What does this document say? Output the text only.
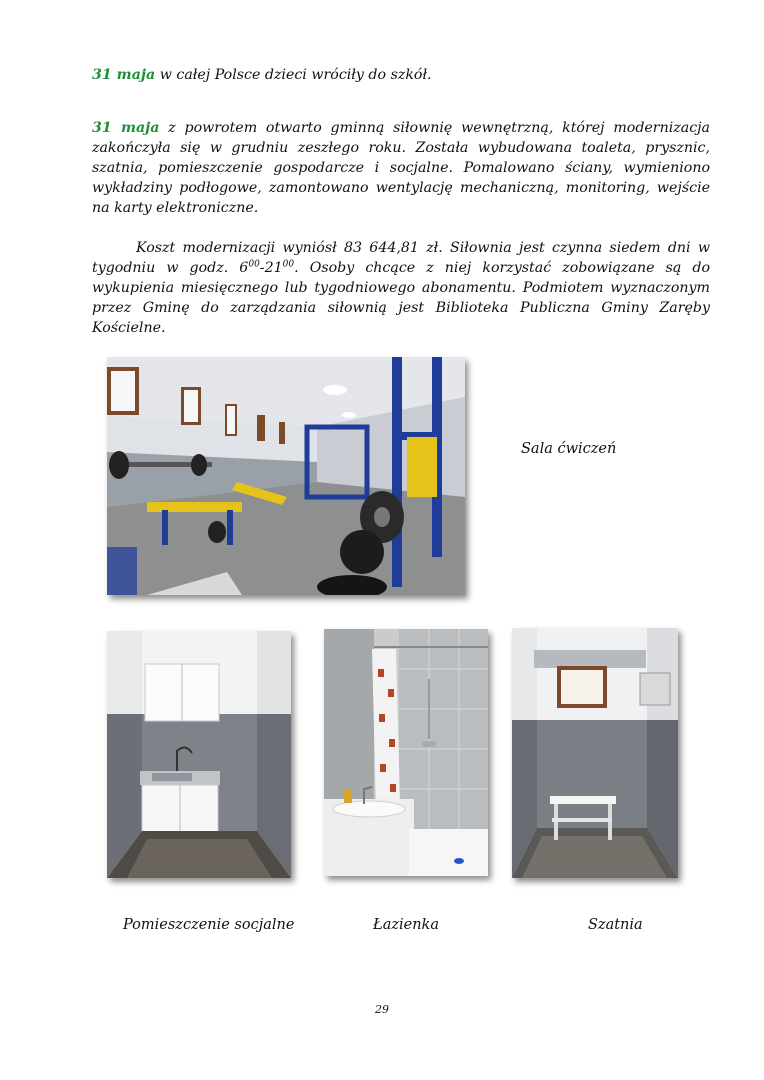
31 maja w całej Polsce dzieci wróciły do szkół.

31 maja z powrotem otwarto gminną siłownię wewnętrzną, której modernizacja zakończyła się w grudniu zeszłego roku. Została wybudowana toaleta, prysznic, szatnia, pomieszczenie gospodarcze i socjalne. Pomalowano ściany, wymieniono wykładziny podłogowe, zamontowano wentylację mechaniczną, monitoring, wejście na karty elektroniczne.

Koszt modernizacji wyniósł 83 644,81 zł. Siłownia jest czynna siedem dni w tygodniu w godz. $6^{00}-21^{00}$. Osoby chcące z niej korzystać zobowiązane są do wykupienia miesięcznego lub tygodniowego abonamentu. Podmiotem wyznaczonym przez Gminę do zarządzania siłownią jest Biblioteka Publiczna Gminy Zaręby Kościelne.

Sala ćwiczeń

Pomieszczenie socjalne	Łazienka	Szatnia

29
